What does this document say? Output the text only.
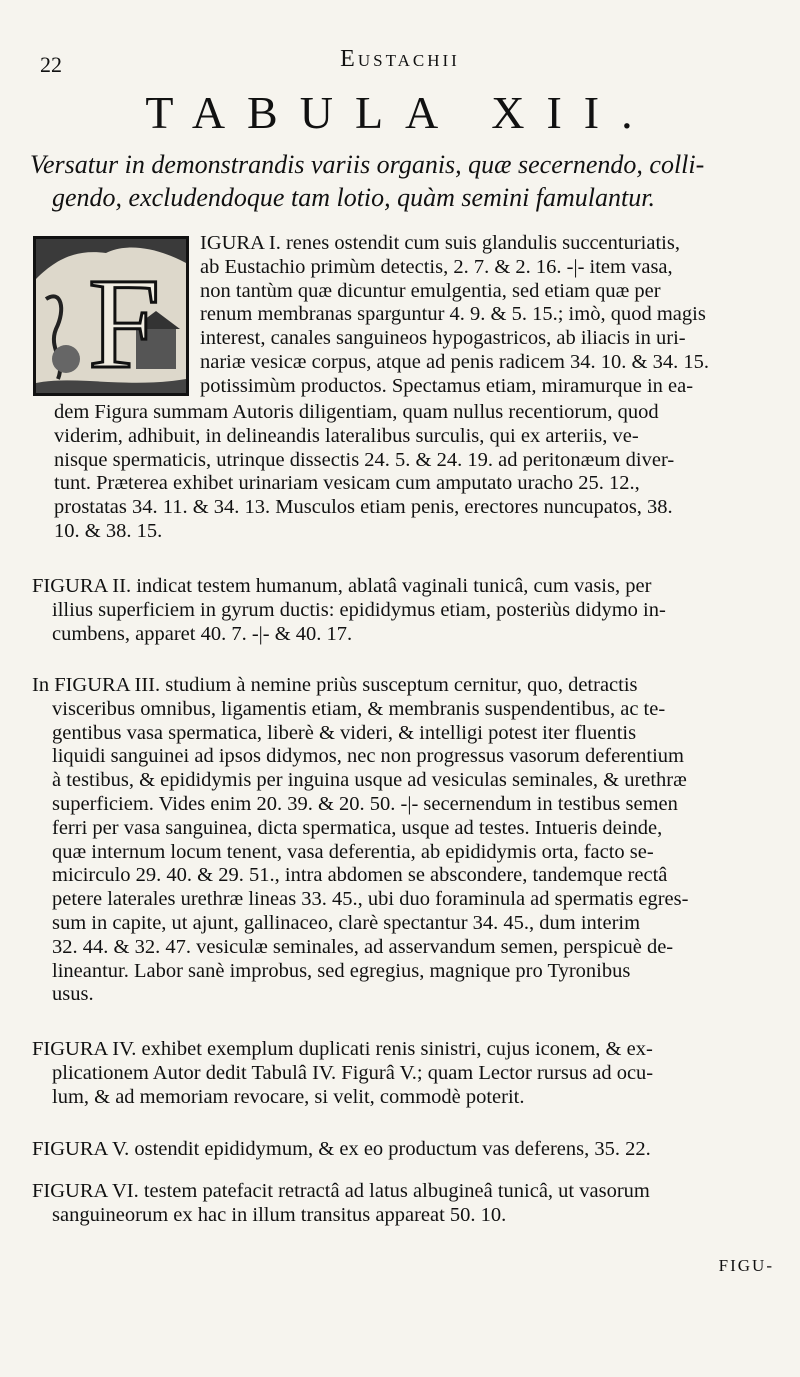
22	Eustachii
TABULA XII.
Versatur in demonstrandis variis organis, quæ secernendo, colli-
gendo, excludendoque tam lotio, quàm semini famulantur.
F
IGURA I. renes ostendit cum suis glandulis succenturiatis,
ab Eustachio primùm detectis, 2. 7. & 2. 16. -|- item vasa,
non tantùm quæ dicuntur emulgentia, sed etiam quæ per
renum membranas sparguntur 4. 9. & 5. 15.; imò, quod magis
interest, canales sanguineos hypogastricos, ab iliacis in uri-
nariæ vesicæ corpus, atque ad penis radicem 34. 10. & 34. 15.
potissimùm productos. Spectamus etiam, miramurque in ea-
dem Figura summam Autoris diligentiam, quam nullus recentiorum, quod
viderim, adhibuit, in delineandis lateralibus surculis, qui ex arteriis, ve-
nisque spermaticis, utrinque dissectis 24. 5. & 24. 19. ad peritonæum diver-
tunt. Præterea exhibet urinariam vesicam cum amputato uracho 25. 12.,
prostatas 34. 11. & 34. 13. Musculos etiam penis, erectores nuncupatos, 38.
10. & 38. 15.
FIGURA II. indicat testem humanum, ablatâ vaginali tunicâ, cum vasis, per
illius superficiem in gyrum ductis: epididymus etiam, posteriùs didymo in-
cumbens, apparet 40. 7. -|- & 40. 17.
In FIGURA III. studium à nemine priùs susceptum cernitur, quo, detractis
visceribus omnibus, ligamentis etiam, & membranis suspendentibus, ac te-
gentibus vasa spermatica, liberè & videri, & intelligi potest iter fluentis
liquidi sanguinei ad ipsos didymos, nec non progressus vasorum deferentium
à testibus, & epididymis per inguina usque ad vesiculas seminales, & urethræ
superficiem. Vides enim 20. 39. & 20. 50. -|- secernendum in testibus semen
ferri per vasa sanguinea, dicta spermatica, usque ad testes. Intueris deinde,
quæ internum locum tenent, vasa deferentia, ab epididymis orta, facto se-
micirculo 29. 40. & 29. 51., intra abdomen se abscondere, tandemque rectâ
petere laterales urethræ lineas 33. 45., ubi duo foraminula ad spermatis egres-
sum in capite, ut ajunt, gallinaceo, clarè spectantur 34. 45., dum interim
32. 44. & 32. 47. vesiculæ seminales, ad asservandum semen, perspicuè de-
lineantur. Labor sanè improbus, sed egregius, magnique pro Tyronibus
usus.
FIGURA IV. exhibet exemplum duplicati renis sinistri, cujus iconem, & ex-
plicationem Autor dedit Tabulâ IV. Figurâ V.; quam Lector rursus ad ocu-
lum, & ad memoriam revocare, si velit, commodè poterit.
FIGURA V. ostendit epididymum, & ex eo productum vas deferens, 35. 22.
FIGURA VI. testem patefacit retractâ ad latus albugineâ tunicâ, ut vasorum
sanguineorum ex hac in illum transitus appareat 50. 10.
FIGU-
